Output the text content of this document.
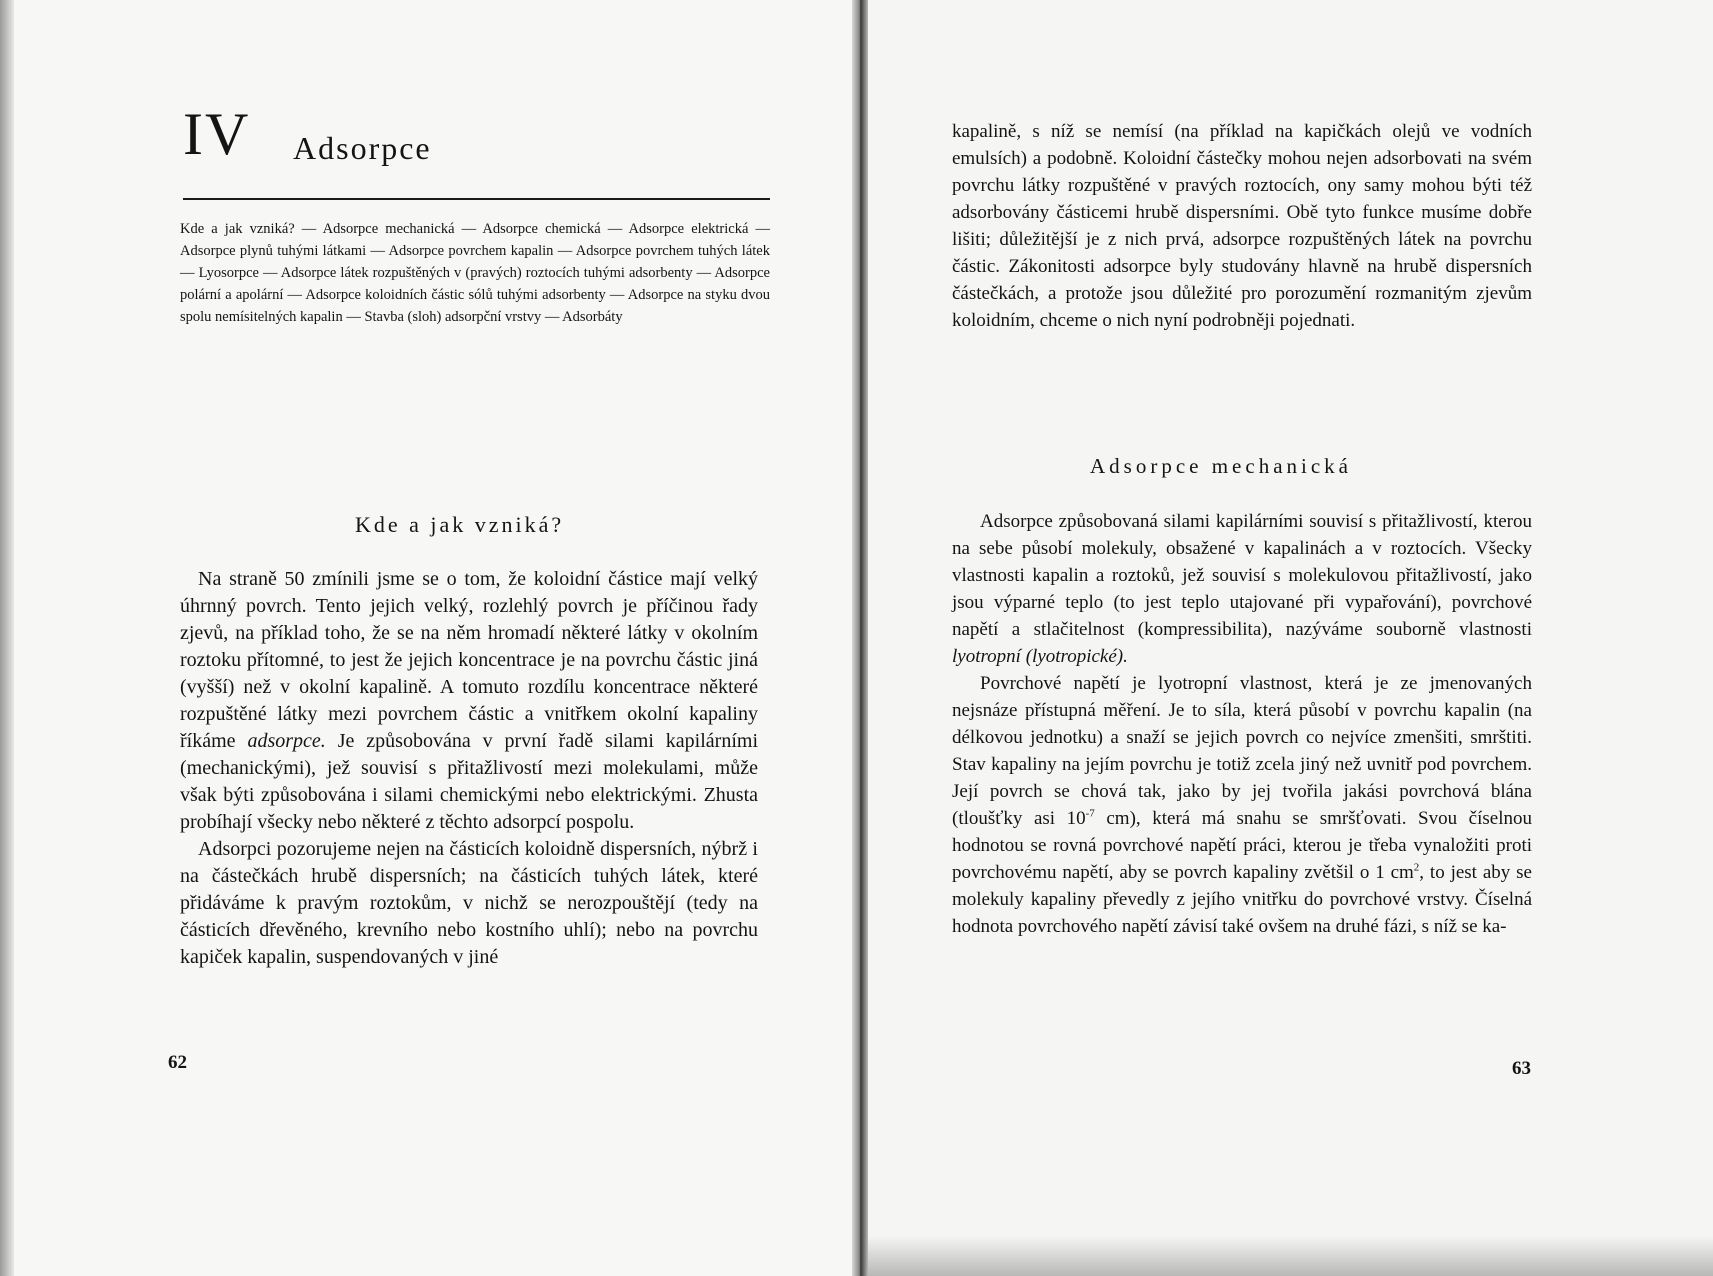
IV Adsorpce
Kde a jak vzniká? — Adsorpce mechanická — Adsorpce chemická — Adsorpce elektrická — Adsorpce plynů tuhými látkami — Adsorpce povrchem kapalin — Adsorpce povrchem tuhých látek — Lyosorpce — Adsorpce látek rozpuštěných v (pravých) roztocích tuhými adsorbenty — Adsorpce polární a apolární — Adsorpce koloidních částic sólů tuhými adsorbenty — Adsorpce na styku dvou spolu nemísitelných kapalin — Stavba (sloh) adsorpční vrstvy — Adsorbáty
Kde a jak vzniká?

Na straně 50 zmínili jsme se o tom, že koloidní částice mají velký úhrnný povrch. Tento jejich velký, rozlehlý povrch je příčinou řady zjevů, na příklad toho, že se na něm hromadí některé látky v okolním roztoku přítomné, to jest že jejich koncentrace je na povrchu částic jiná (vyšší) než v okolní kapalině. A tomuto rozdílu koncentrace některé rozpuštěné látky mezi povrchem částic a vnitřkem okolní kapaliny říkáme adsorpce. Je způsobována v první řadě silami kapilárními (mechanickými), jež souvisí s přitažlivostí mezi molekulami, může však býti způsobována i silami chemickými nebo elektrickými. Zhusta probíhají všecky nebo některé z těchto adsorpcí pospolu.

Adsorpci pozorujeme nejen na částicích koloidně dispersních, nýbrž i na částečkách hrubě dispersních; na částicích tuhých látek, které přidáváme k pravým roztokům, v nichž se nerozpouštějí (tedy na částicích dřevěného, krevního nebo kostního uhlí); nebo na povrchu kapiček kapalin, suspendovaných v jiné

62

kapalině, s níž se nemísí (na příklad na kapičkách olejů ve vodních emulsích) a podobně. Koloidní částečky mohou nejen adsorbovati na svém povrchu látky rozpuštěné v pravých roztocích, ony samy mohou býti též adsorbovány částicemi hrubě dispersními. Obě tyto funkce musíme dobře lišiti; důležitější je z nich prvá, adsorpce rozpuštěných látek na povrchu částic. Zákonitosti adsorpce byly studovány hlavně na hrubě dispersních částečkách, a protože jsou důležité pro porozumění rozmanitým zjevům koloidním, chceme o nich nyní podrobněji pojednati.

Adsorpce mechanická

Adsorpce způsobovaná silami kapilárními souvisí s přitažlivostí, kterou na sebe působí molekuly, obsažené v kapalinách a v roztocích. Všecky vlastnosti kapalin a roztoků, jež souvisí s molekulovou přitažlivostí, jako jsou výparné teplo (to jest teplo utajované při vypařování), povrchové napětí a stlačitelnost (kompressibilita), nazýváme souborně vlastnosti lyotropní (lyotropické).

Povrchové napětí je lyotropní vlastnost, která je ze jmenovaných nejsnáze přístupná měření. Je to síla, která působí v povrchu kapalin (na délkovou jednotku) a snaží se jejich povrch co nejvíce zmenšiti, smrštiti. Stav kapaliny na jejím povrchu je totiž zcela jiný než uvnitř pod povrchem. Její povrch se chová tak, jako by jej tvořila jakási povrchová blána (tloušťky asi $10^{-7}$ cm), která má snahu se smršťovati. Svou číselnou hodnotou se rovná povrchové napětí práci, kterou je třeba vynaložiti proti povrchovému napětí, aby se povrch kapaliny zvětšil o 1 $cm^2$, to jest aby se molekuly kapaliny převedly z jejího vnitřku do povrchové vrstvy. Číselná hodnota povrchového napětí závisí také ovšem na druhé fázi, s níž se ka-

63
